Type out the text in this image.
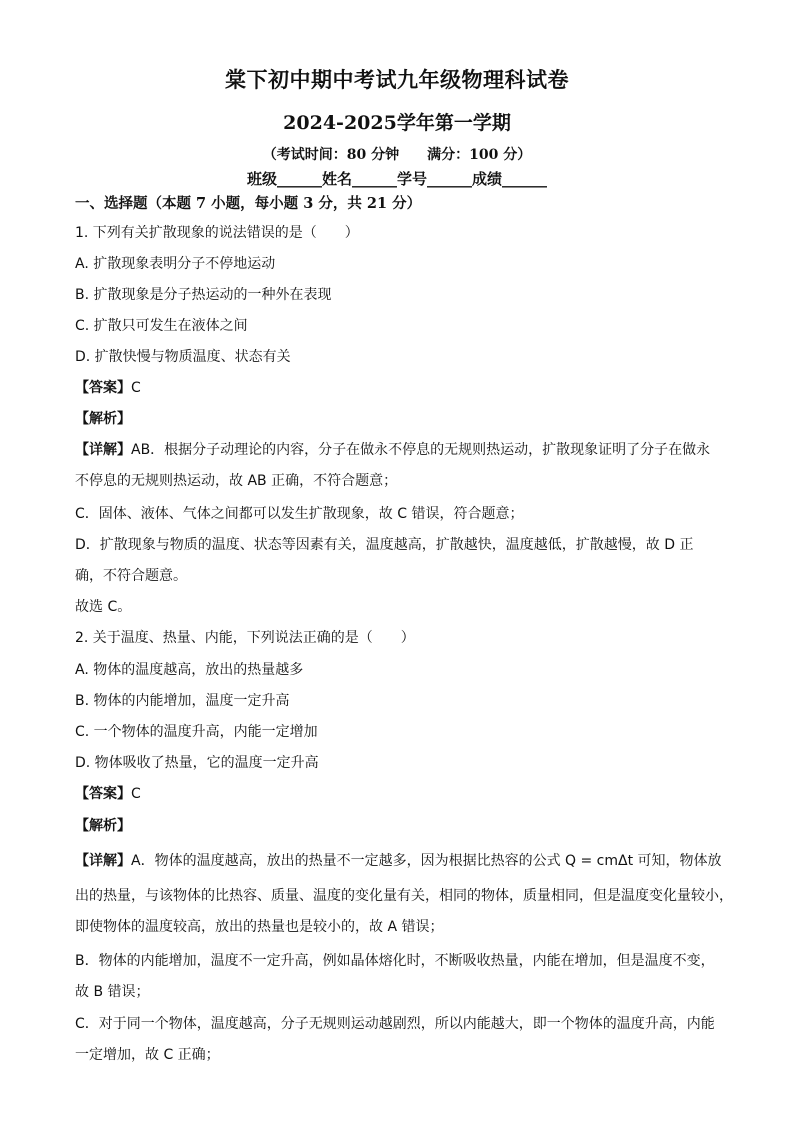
棠下初中期中考试九年级物理科试卷
2024-2025学年第一学期
（考试时间：80 分钟　　满分：100 分）
班级______姓名______学号______成绩______
一、选择题（本题 7 小题，每小题 3 分，共 21 分）
1. 下列有关扩散现象的说法错误的是（　　）
A. 扩散现象表明分子不停地运动
B. 扩散现象是分子热运动的一种外在表现
C. 扩散只可发生在液体之间
D. 扩散快慢与物质温度、状态有关
【答案】C
【解析】
【详解】AB．根据分子动理论的内容，分子在做永不停息的无规则热运动，扩散现象证明了分子在做永
不停息的无规则热运动，故 AB 正确，不符合题意；
C．固体、液体、气体之间都可以发生扩散现象，故 C 错误，符合题意；
D．扩散现象与物质的温度、状态等因素有关，温度越高，扩散越快，温度越低，扩散越慢，故 D 正
确，不符合题意。
故选 C。
2. 关于温度、热量、内能，下列说法正确的是（　　）
A. 物体的温度越高，放出的热量越多
B. 物体的内能增加，温度一定升高
C. 一个物体的温度升高，内能一定增加
D. 物体吸收了热量，它的温度一定升高
【答案】C
【解析】
【详解】A．物体的温度越高，放出的热量不一定越多，因为根据比热容的公式 Q = cmΔt 可知，物体放
出的热量，与该物体的比热容、质量、温度的变化量有关，相同的物体，质量相同，但是温度变化量较小，
即使物体的温度较高，放出的热量也是较小的，故 A 错误；
B．物体的内能增加，温度不一定升高，例如晶体熔化时，不断吸收热量，内能在增加，但是温度不变，
故 B 错误；
C．对于同一个物体，温度越高，分子无规则运动越剧烈，所以内能越大，即一个物体的温度升高，内能
一定增加，故 C 正确；
